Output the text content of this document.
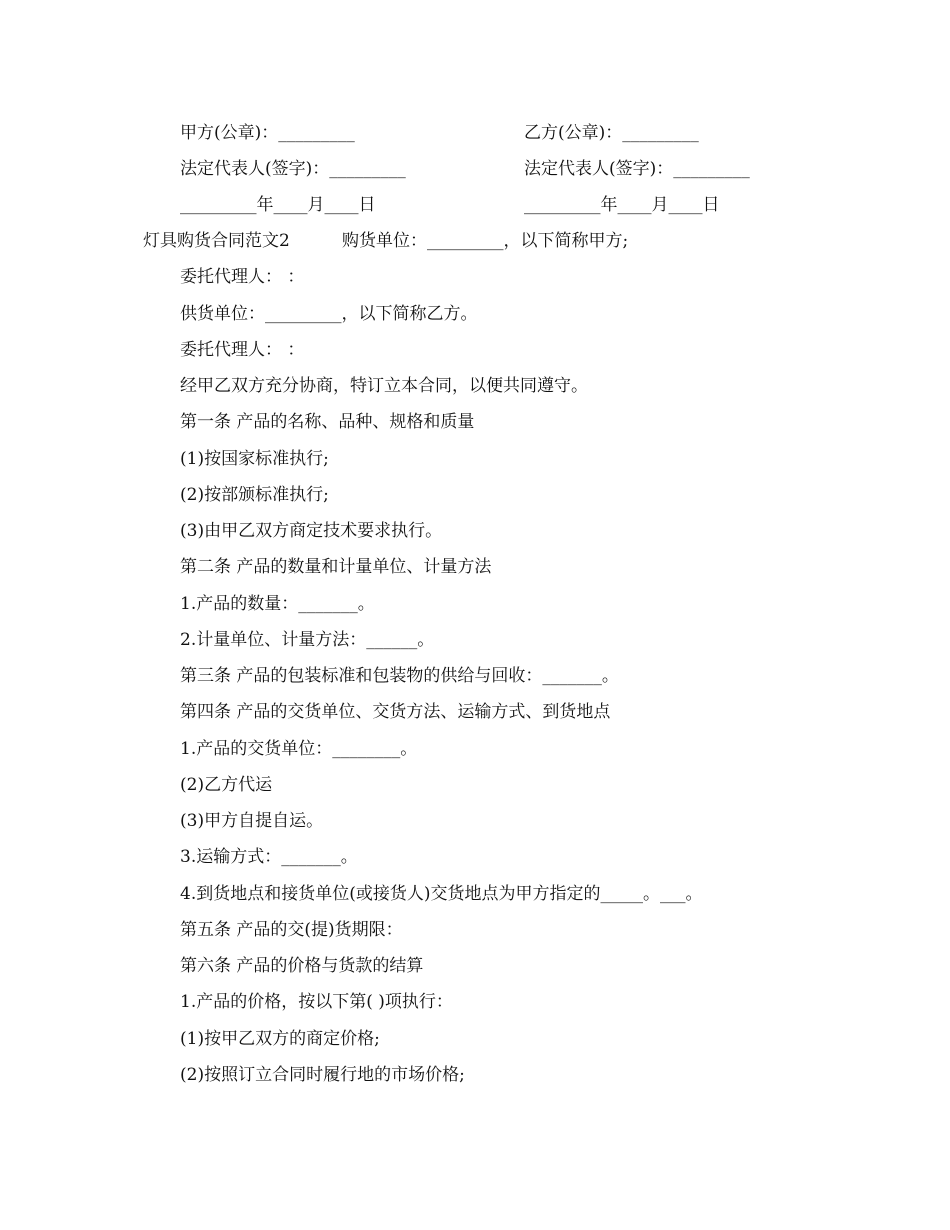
甲方(公章)：_________	乙方(公章)：_________
法定代表人(签字)：_________	法定代表人(签字)：_________
_________年____月____日	_________年____月____日
灯具购货合同范文2	购货单位：_________，以下简称甲方;
委托代理人： ：
供货单位：_________，以下简称乙方。
委托代理人： ：
经甲乙双方充分协商，特订立本合同，以便共同遵守。
第一条 产品的名称、品种、规格和质量
(1)按国家标准执行;
(2)按部颁标准执行;
(3)由甲乙双方商定技术要求执行。
第二条 产品的数量和计量单位、计量方法
1.产品的数量：_______。
2.计量单位、计量方法：______。
第三条 产品的包装标准和包装物的供给与回收：_______。
第四条 产品的交货单位、交货方法、运输方式、到货地点
1.产品的交货单位：________。
(2)乙方代运
(3)甲方自提自运。
3.运输方式：_______。
4.到货地点和接货单位(或接货人)交货地点为甲方指定的_____。___。
第五条 产品的交(提)货期限：
第六条 产品的价格与货款的结算
1.产品的价格，按以下第( )项执行：
(1)按甲乙双方的商定价格;
(2)按照订立合同时履行地的市场价格;
